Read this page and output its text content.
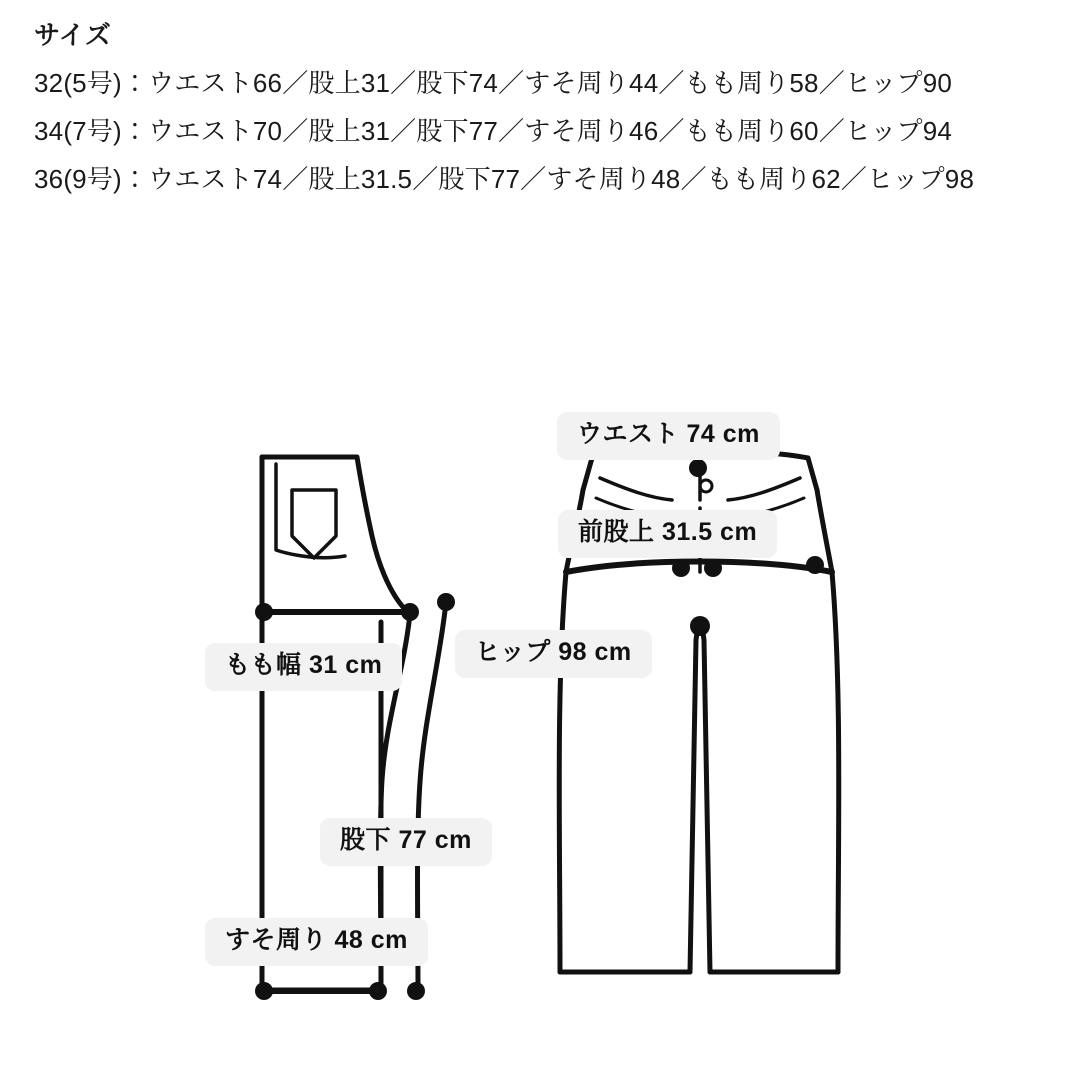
サイズ

32(5号)：ウエスト66／股上31／股下74／すそ周り44／もも周り58／ヒップ90

34(7号)：ウエスト70／股上31／股下77／すそ周り46／もも周り60／ヒップ94

36(9号)：ウエスト74／股上31.5／股下77／すそ周り48／もも周り62／ヒップ98

ウエスト 74 cm
前股上 31.5 cm
ヒップ 98 cm
もも幅 31 cm
股下 77 cm
すそ周り 48 cm
